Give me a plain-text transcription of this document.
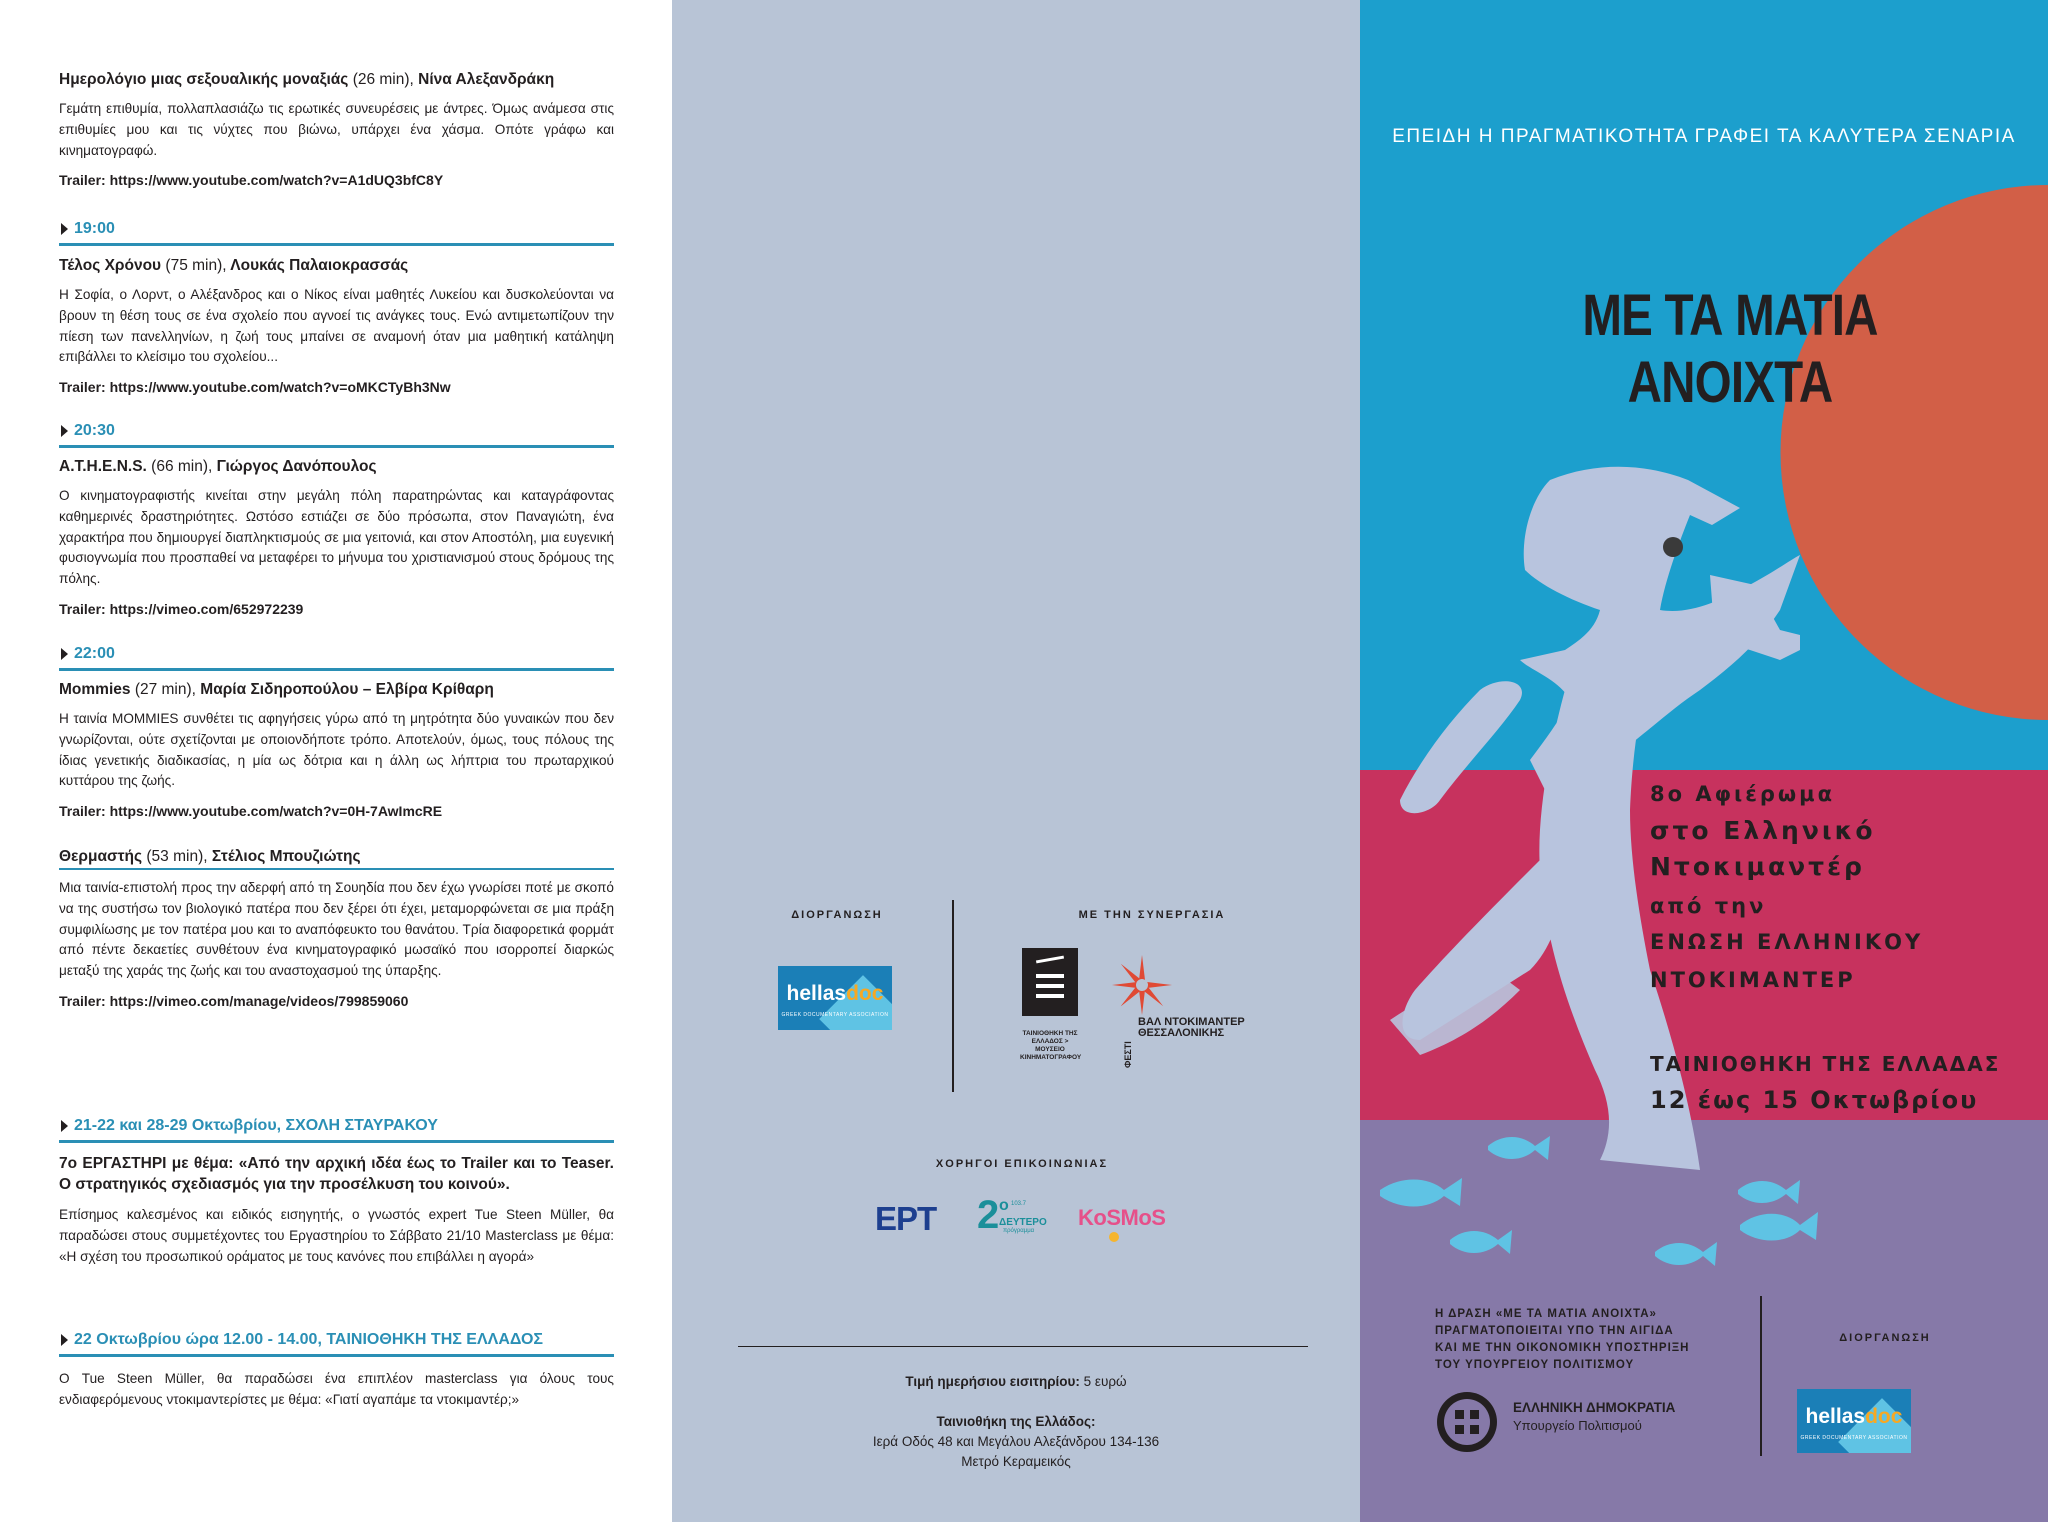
Ημερολόγιο μιας σεξουαλικής μοναξιάς (26 min), Νίνα Αλεξανδράκη
Γεμάτη επιθυμία, πολλαπλασιάζω τις ερωτικές συνευρέσεις με άντρες. Όμως ανάμεσα στις επιθυμίες μου και τις νύχτες που βιώνω, υπάρχει ένα χάσμα. Οπότε γράφω και κινηματογραφώ.
Trailer: https://www.youtube.com/watch?v=A1dUQ3bfC8Y
19:00
Τέλος Χρόνου (75 min), Λουκάς Παλαιοκρασσάς
Η Σοφία, ο Λορντ, ο Αλέξανδρος και ο Νίκος είναι μαθητές Λυκείου και δυσκολεύονται να βρουν τη θέση τους σε ένα σχολείο που αγνοεί τις ανάγκες τους. Ενώ αντιμετωπίζουν την πίεση των πανελληνίων, η ζωή τους μπαίνει σε αναμονή όταν μια μαθητική κατάληψη επιβάλλει το κλείσιμο του σχολείου...
Trailer: https://www.youtube.com/watch?v=oMKCTyBh3Nw
20:30
A.T.H.E.N.S. (66 min), Γιώργος Δανόπουλος
Ο κινηματογραφιστής κινείται στην μεγάλη πόλη παρατηρώντας και καταγράφοντας καθημερινές δραστηριότητες. Ωστόσο εστιάζει σε δύο πρόσωπα, στον Παναγιώτη, ένα χαρακτήρα που δημιουργεί διαπληκτισμούς σε μια γειτονιά, και στον Αποστόλη, μια ευγενική φυσιογνωμία που προσπαθεί να μεταφέρει το μήνυμα του χριστιανισμού στους δρόμους της πόλης.
Trailer: https://vimeo.com/652972239
22:00
Mommies (27 min), Μαρία Σιδηροπούλου – Ελβίρα Κρίθαρη
Η ταινία MOMMIES συνθέτει τις αφηγήσεις γύρω από τη μητρότητα δύο γυναικών που δεν γνωρίζονται, ούτε σχετίζονται με οποιονδήποτε τρόπο. Αποτελούν, όμως, τους πόλους της ίδιας γενετικής διαδικασίας, η μία ως δότρια και η άλλη ως λήπτρια του πρωταρχικού κυττάρου της ζωής.
Trailer: https://www.youtube.com/watch?v=0H-7AwImcRE
Θερμαστής (53 min), Στέλιος Μπουζιώτης
Μια ταινία-επιστολή προς την αδερφή από τη Σουηδία που δεν έχω γνωρίσει ποτέ με σκοπό να της συστήσω τον βιολογικό πατέρα που δεν ξέρει ότι έχει, μεταμορφώνεται σε μια πράξη συμφιλίωσης με τον πατέρα μου και το αναπόφευκτο του θανάτου. Τρία διαφορετικά φορμάτ από πέντε δεκαετίες συνθέτουν ένα κινηματογραφικό μωσαϊκό που ισορροπεί διαρκώς μεταξύ της χαράς της ζωής και του αναστοχασμού της ύπαρξης.
Trailer: https://vimeo.com/manage/videos/799859060
21-22 και 28-29 Οκτωβρίου, ΣΧΟΛΗ ΣΤΑΥΡΑΚΟΥ
7ο ΕΡΓΑΣΤΗΡΙ με θέμα: «Από την αρχική ιδέα έως το Trailer και το Teaser. Ο στρατηγικός σχεδιασμός για την προσέλκυση του κοινού».
Επίσημος καλεσμένος και ειδικός εισηγητής, ο γνωστός expert Tue Steen Müller, θα παραδώσει στους συμμετέχοντες του Εργαστηρίου το Σάββατο 21/10 Masterclass με θέμα: «Η σχέση του προσωπικού οράματος με τους κανόνες που επιβάλλει η αγορά»
22 Οκτωβρίου ώρα 12.00 - 14.00, ΤΑΙΝΙΟΘΗΚΗ ΤΗΣ ΕΛΛΑΔΟΣ
Ο Tue Steen Müller, θα παραδώσει ένα επιπλέον masterclass για όλους τους ενδιαφερόμενους ντοκιμαντερίστες με θέμα: «Γιατί αγαπάμε τα ντοκιμαντέρ;»
ΔΙΟΡΓΑΝΩΣΗ	ΜΕ ΤΗΝ ΣΥΝΕΡΓΑΣΙΑ
hellasdoc
GREEK DOCUMENTARY ASSOCIATION
ΤΑΙΝΙΟΘΗΚΗ ΤΗΣ ΕΛΛΑΔΟΣ > ΜΟΥΣΕΙΟ ΚΙΝΗΜΑΤΟΓΡΑΦΟΥ	ΦΕΣΤΙ
ΒΑΛ ΝΤΟΚΙΜΑΝΤΕΡ
ΘΕΣΣΑΛΟΝΙΚΗΣ
ΧΟΡΗΓΟΙ ΕΠΙΚΟΙΝΩΝΙΑΣ
ΕΡΤ 2 o 103.7
ΔΕΥΤΕΡΟ
πρόγραμμα
KoSMoS
Τιμή ημερήσιου εισιτηρίου: 5 ευρώ
Ταινιοθήκη της Ελλάδος:
Ιερά Οδός 48 και Μεγάλου Αλεξάνδρου 134-136
Μετρό Κεραμεικός
ΕΠΕΙΔΗ Η ΠΡΑΓΜΑΤΙΚΟΤΗΤΑ ΓΡΑΦΕΙ ΤΑ ΚΑΛΥΤΕΡΑ ΣΕΝΑΡΙΑ
ΜΕ ΤΑ ΜΑΤΙΑ ΑΝΟΙΧΤΑ
8ο Αφιέρωμα
στο Ελληνικό
Ντοκιμαντέρ
από την
ΕΝΩΣΗ ΕΛΛΗΝΙΚΟΥ
ΝΤΟΚΙΜΑΝΤΕΡ
ΤΑΙΝΙΟΘΗΚΗ ΤΗΣ ΕΛΛΑΔΑΣ
12 έως 15 Οκτωβρίου
Η ΔΡΑΣΗ «ΜΕ ΤΑ ΜΑΤΙΑ ΑΝΟΙΧΤΑ»
ΠΡΑΓΜΑΤΟΠΟΙΕΙΤΑΙ ΥΠΟ ΤΗΝ ΑΙΓΙΔΑ
ΚΑΙ ΜΕ ΤΗΝ ΟΙΚΟΝΟΜΙΚΗ ΥΠΟΣΤΗΡΙΞΗ
ΤΟΥ ΥΠΟΥΡΓΕΙΟΥ ΠΟΛΙΤΙΣΜΟΥ
ΔΙΟΡΓΑΝΩΣΗ
ΕΛΛΗΝΙΚΗ ΔΗΜΟΚΡΑΤΙΑ
Υπουργείο Πολιτισμού	hellasdoc
GREEK DOCUMENTARY ASSOCIATION
